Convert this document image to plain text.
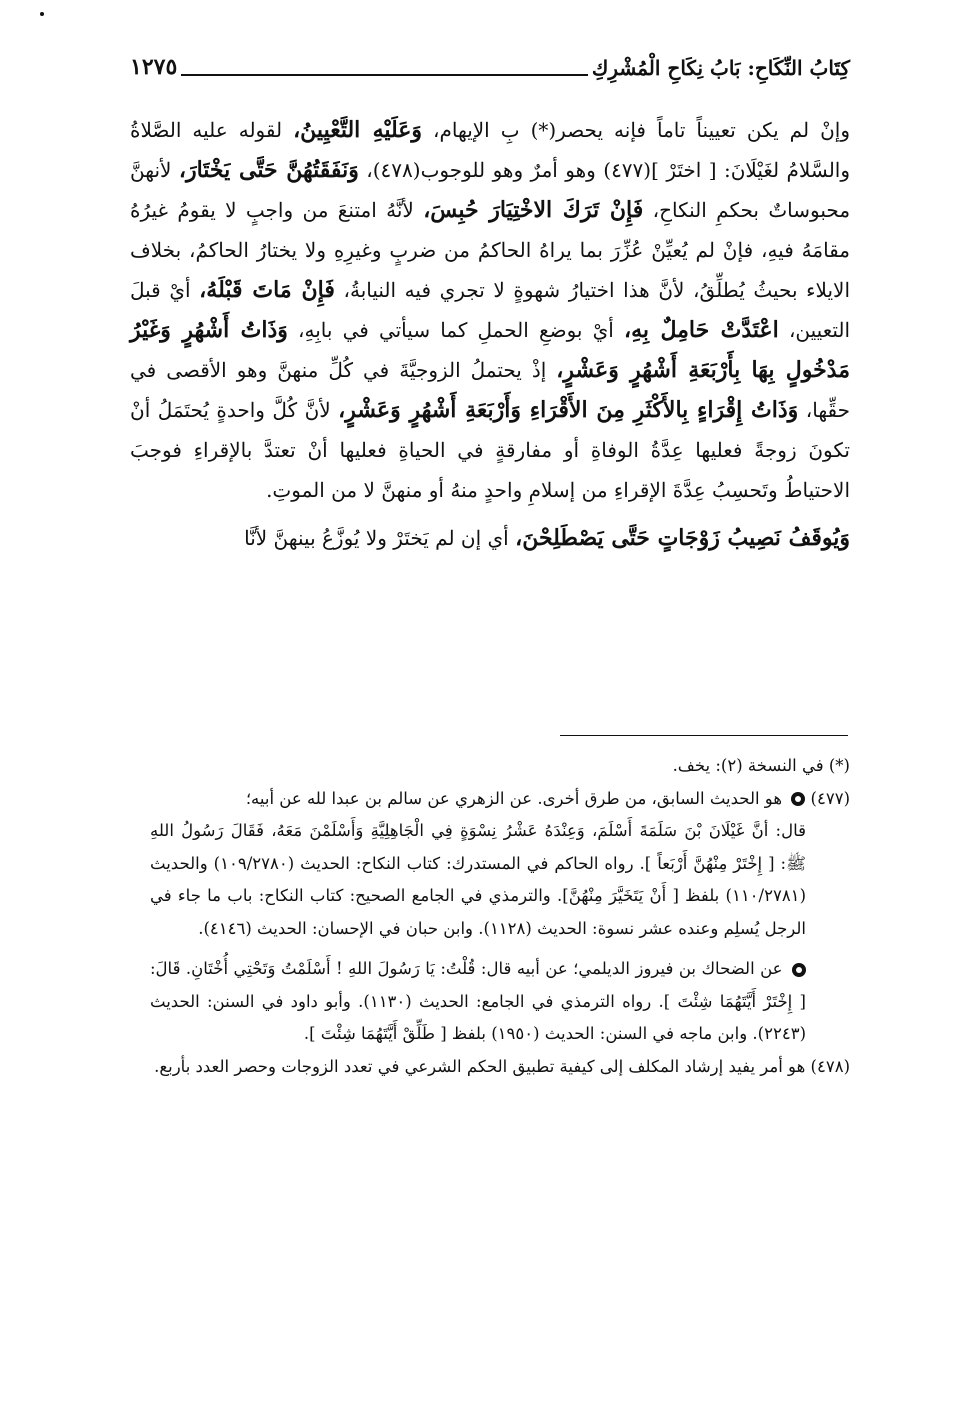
كِتَابُ النِّكَاحِ: بَابُ نِكَاحِ الْمُشْرِكِ
١٢٧٥

وإنْ لم يكن تعييناً تاماً فإنه يحصر(*) بِ الإيهام، وَعَلَيْهِ التَّعْيِينُ، لقوله عليه الصَّلاةُ والسَّلامُ لغَيْلَانَ: [ اختَرْ ](٤٧٧) وهو أمرٌ وهو للوجوب(٤٧٨)، وَنَفَقَتُهُنَّ حَتَّى يَخْتَارَ، لأنهنَّ محبوساتٌ بحكمِ النكاحِ، فَإِنْ تَرَكَ الاخْتِيَارَ حُبِسَ، لأنَّهُ امتنعَ من واجبٍ لا يقومُ غيرُهُ مقامَهُ فيهِ، فإنْ لم يُعيِّنْ عُزِّرَ بما يراهُ الحاكمُ من ضربٍ وغيرِهِ ولا يختارُ الحاكمُ، بخلاف الايلاء بحيثُ يُطلِّقُ، لأنَّ هذا اختيارُ شهوةٍ لا تجري فيه النيابةُ، فَإِنْ مَاتَ قَبْلَهُ، أيْ قبلَ التعيين، اعْتَدَّتْ حَامِلٌ بِهِ، أيْ بوضعِ الحملِ كما سيأتي في بابِهِ، وَذَاتُ أَشْهُرٍ وَغَيْرُ مَدْخُولٍ بِهَا بِأَرْبَعَةِ أَشْهُرٍ وَعَشْرٍ، إذْ يحتملُ الزوجيَّةَ في كُلِّ منهنَّ وهو الأقصى في حقِّها، وَذَاتُ إِقْرَاءٍ بِالأَكْثَرِ مِنَ الأَقْرَاءِ وَأَرْبَعَةِ أَشْهُرٍ وَعَشْرٍ، لأنَّ كُلَّ واحدةٍ يُحتَمَلُ أنْ تكونَ زوجةً فعليها عِدَّةُ الوفاةِ أو مفارقةٍ في الحياةِ فعليها أنْ تعتدَّ بالإقراءِ فوجبَ الاحتياطُ وتَحسِبُ عِدَّةَ الإقراءِ من إسلامِ واحدٍ منهُ أو منهنَّ لا من الموتِ.

وَيُوقَفُ نَصِيبُ زَوْجَاتٍ حَتَّى يَصْطَلِحْنَ، أي إن لم يَختَرْ ولا يُوزَّعُ بينهنَّ لأنَّا

(*) في النسخة (٢): يخف.

(٤٧٧)  هو الحديث السابق، من طرق أخرى. عن الزهري عن سالم بن عبدا لله عن أبيه؛

قال: أنَّ غَيْلَانَ بْنَ سَلَمَةَ أَسْلَمَ، وَعِنْدَهُ عَشْرُ نِسْوَةٍ فِي الْجَاهِلِيَّةِ وَأَسْلَمْنَ مَعَهُ، فَقَالَ رَسُولُ اللهِ ﷺ: [ إِخْتَرْ مِنْهُنَّ أَرْبَعاً ]. رواه الحاكم في المستدرك: كتاب النكاح: الحديث (١٠٩/٢٧٨٠) والحديث (١١٠/٢٧٨١) بلفظ [ أَنْ يَتَخَيَّرَ مِنْهُنَّ]. والترمذي في الجامع الصحيح: كتاب النكاح: باب ما جاء في الرجل يُسلِم وعنده عشر نسوة: الحديث (١١٢٨). وابن حبان في الإحسان: الحديث (٤١٤٦).

عن الضحاك بن فيروز الديلمي؛ عن أبيه قال: قُلْتُ: يَا رَسُولَ اللهِ ! أَسْلَمْتُ وَتَحْتِي أُخْتَانِ. قَالَ: [ إِخْتَرْ أَيَّتَهُمَا شِئْتَ ]. رواه الترمذي في الجامع: الحديث (١١٣٠). وأبو داود في السنن: الحديث (٢٢٤٣). وابن ماجه في السنن: الحديث (١٩٥٠) بلفظ [ طَلِّقْ أَيَّتَهُمَا شِئْتَ ].

(٤٧٨) هو أمر يفيد إرشاد المكلف إلى كيفية تطبيق الحكم الشرعي في تعدد الزوجات وحصر العدد بأربع.
